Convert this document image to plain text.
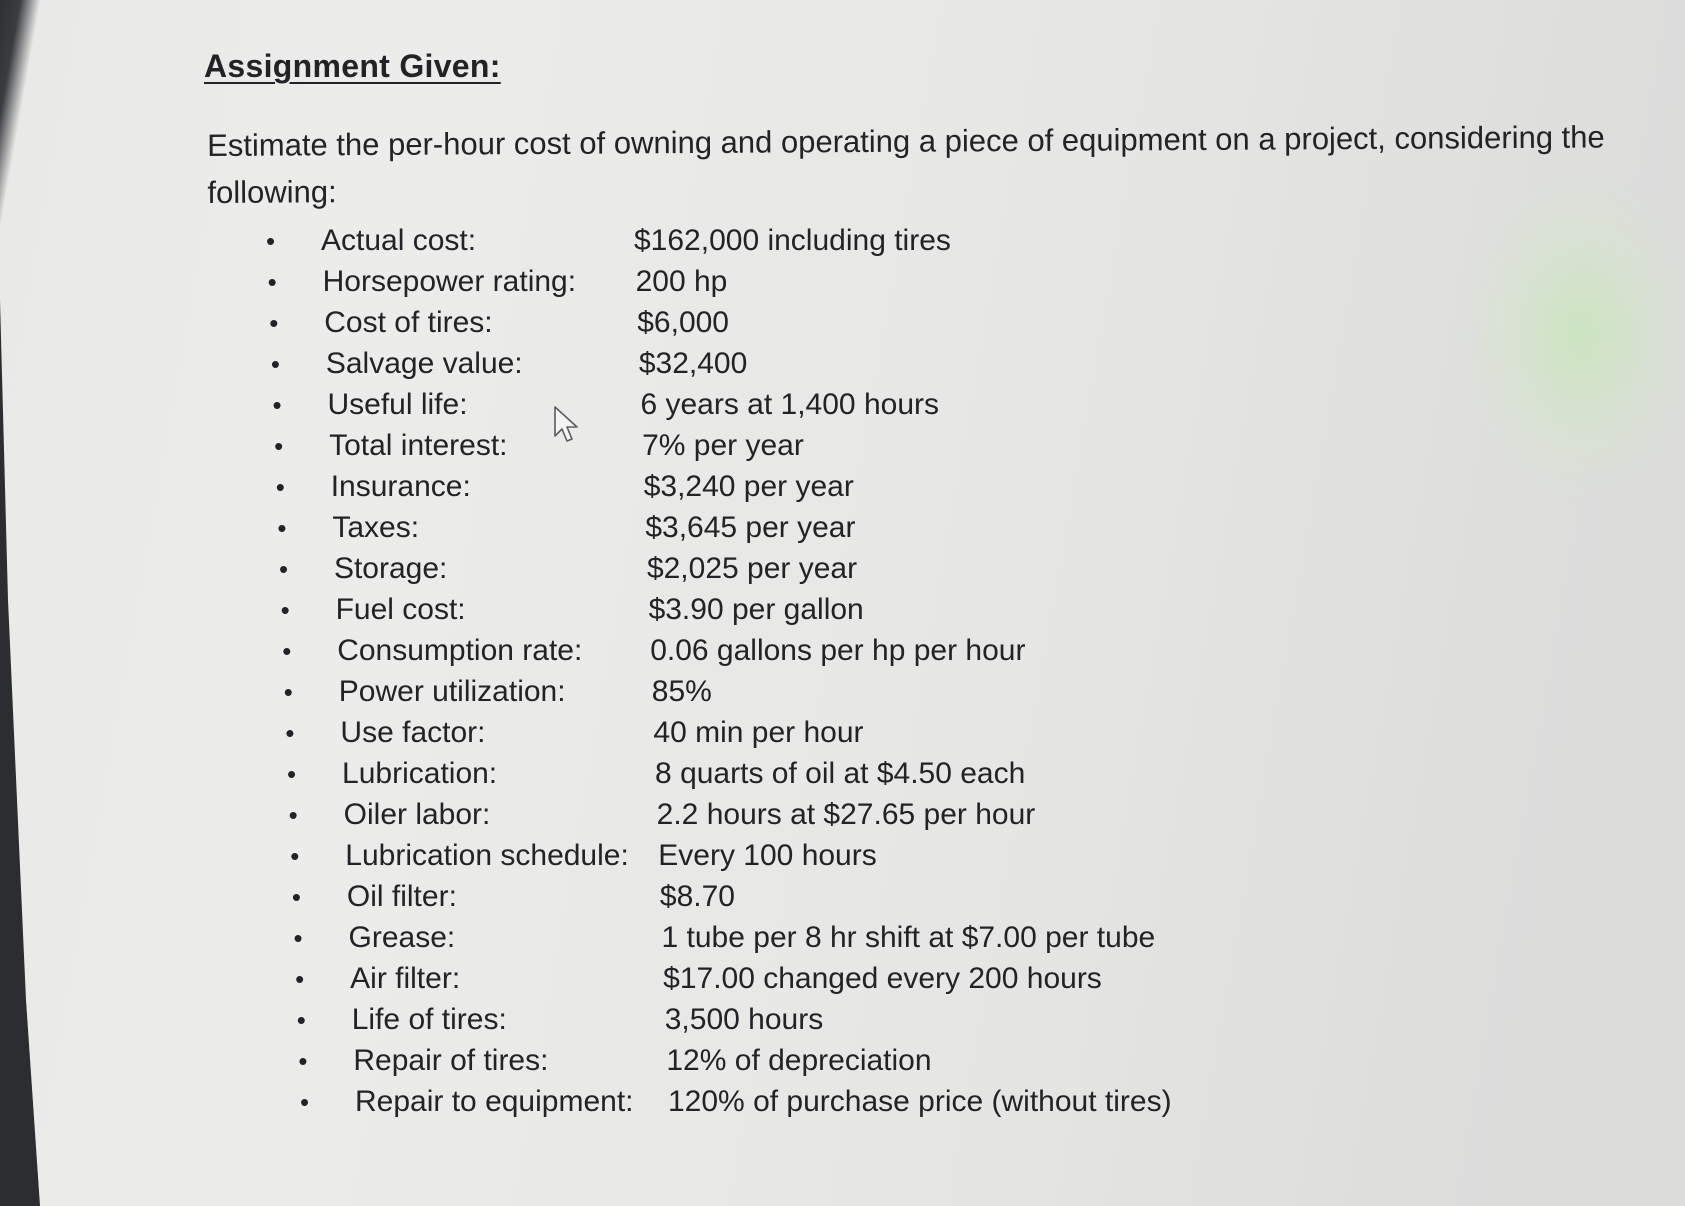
Assignment Given:
Estimate the per-hour cost of owning and operating a piece of equipment on a project, considering the following:
•	Actual cost:	$162,000 including tires
•	Horsepower rating: 200 hp
•	Cost of tires:	$6,000
•	Salvage value:	$32,400
•	Useful life:	6 years at 1,400 hours
•	Total interest:	7% per year
•	Insurance:	$3,240 per year
•	Taxes:	$3,645 per year
•	Storage:	$2,025 per year
•	Fuel cost:	$3.90 per gallon
•	Consumption rate: 0.06 gallons per hp per hour
•	Power utilization:	85%
•	Use factor:	40 min per hour
•	Lubrication:	8 quarts of oil at $4.50 each
•	Oiler labor:	2.2 hours at $27.65 per hour
•	Lubrication schedule: Every 100 hours
•	Oil filter:	$8.70
•	Grease:	1 tube per 8 hr shift at $7.00 per tube
•	Air filter:	$17.00 changed every 200 hours
•	Life of tires:	3,500 hours
•	Repair of tires:	12% of depreciation
•	Repair to equipment: 120% of purchase price (without tires)
